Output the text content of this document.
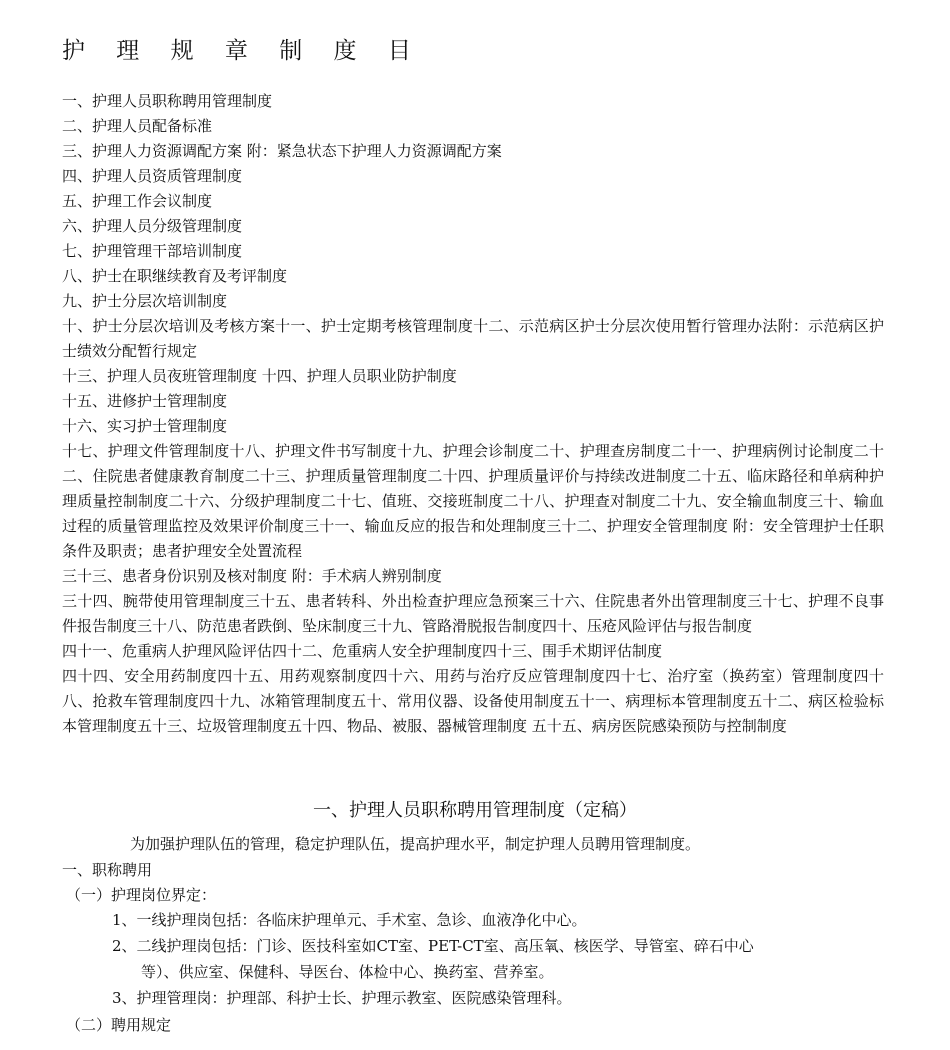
护 理 规 章 制 度 目
一、护理人员职称聘用管理制度
二、护理人员配备标准
三、护理人力资源调配方案 附：紧急状态下护理人力资源调配方案
四、护理人员资质管理制度
五、护理工作会议制度
六、护理人员分级管理制度
七、护理管理干部培训制度
八、护士在职继续教育及考评制度
九、护士分层次培训制度
十、护士分层次培训及考核方案十一、护士定期考核管理制度十二、示范病区护士分层次使用暂行管理办法附：示范病区护士绩效分配暂行规定
十三、护理人员夜班管理制度 十四、护理人员职业防护制度
十五、进修护士管理制度
十六、实习护士管理制度
十七、护理文件管理制度十八、护理文件书写制度十九、护理会诊制度二十、护理查房制度二十一、护理病例讨论制度二十二、住院患者健康教育制度二十三、护理质量管理制度二十四、护理质量评价与持续改进制度二十五、临床路径和单病种护理质量控制制度二十六、分级护理制度二十七、值班、交接班制度二十八、护理查对制度二十九、安全输血制度三十、输血过程的质量管理监控及效果评价制度三十一、输血反应的报告和处理制度三十二、护理安全管理制度 附：安全管理护士任职条件及职责；患者护理安全处置流程
三十三、患者身份识别及核对制度 附：手术病人辨别制度
三十四、腕带使用管理制度三十五、患者转科、外出检查护理应急预案三十六、住院患者外出管理制度三十七、护理不良事件报告制度三十八、防范患者跌倒、坠床制度三十九、管路滑脱报告制度四十、压疮风险评估与报告制度
四十一、危重病人护理风险评估四十二、危重病人安全护理制度四十三、围手术期评估制度
四十四、安全用药制度四十五、用药观察制度四十六、用药与治疗反应管理制度四十七、治疗室（换药室）管理制度四十八、抢救车管理制度四十九、冰箱管理制度五十、常用仪器、设备使用制度五十一、病理标本管理制度五十二、病区检验标本管理制度五十三、垃圾管理制度五十四、物品、被服、器械管理制度 五十五、病房医院感染预防与控制制度
一、护理人员职称聘用管理制度（定稿）
为加强护理队伍的管理，稳定护理队伍，提高护理水平，制定护理人员聘用管理制度。
一、职称聘用
（一）护理岗位界定：
1、一线护理岗包括：各临床护理单元、手术室、急诊、血液净化中心。
2、二线护理岗包括：门诊、医技科室如CT室、PET-CT室、高压氧、核医学、导管室、碎石中心
等）、供应室、保健科、导医台、体检中心、换药室、营养室。
3、护理管理岗：护理部、科护士长、护理示教室、医院感染管理科。
（二）聘用规定
